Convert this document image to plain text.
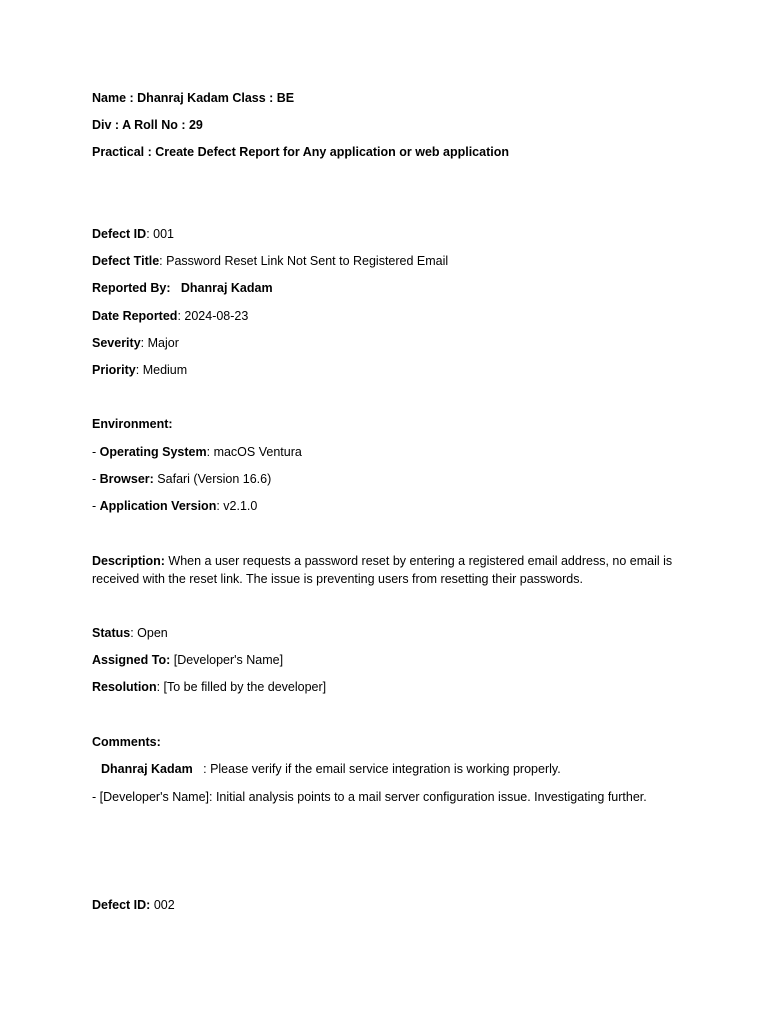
Name : Dhanraj Kadam Class : BE
Div : A Roll No : 29
Practical : Create Defect Report for Any application or web application
Defect ID: 001
Defect Title: Password Reset Link Not Sent to Registered Email
Reported By:   Dhanraj Kadam
Date Reported: 2024-08-23
Severity: Major
Priority: Medium
Environment:
- Operating System: macOS Ventura
- Browser: Safari (Version 16.6)
- Application Version: v2.1.0
Description: When a user requests a password reset by entering a registered email address, no email is received with the reset link. The issue is preventing users from resetting their passwords.
Status: Open
Assigned To: [Developer's Name]
Resolution: [To be filled by the developer]
Comments:
Dhanraj Kadam   : Please verify if the email service integration is working properly.
- [Developer's Name]: Initial analysis points to a mail server configuration issue. Investigating further.
Defect ID: 002
